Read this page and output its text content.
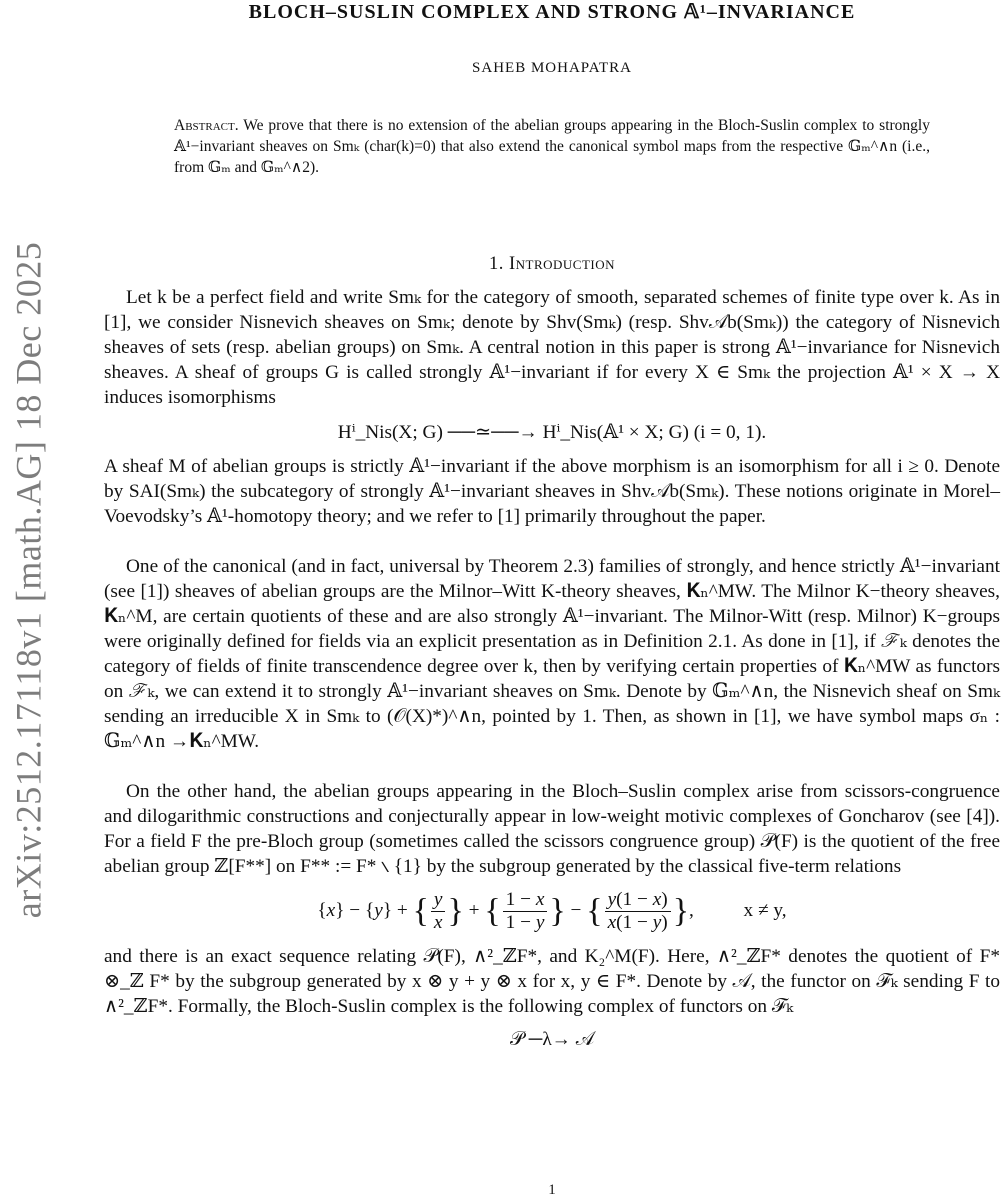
arXiv:2512.17118v1 [math.AG] 18 Dec 2025
BLOCH–SUSLIN COMPLEX AND STRONG 𝔸¹–INVARIANCE
SAHEB MOHAPATRA
Abstract. We prove that there is no extension of the abelian groups appearing in the Bloch-Suslin complex to strongly 𝔸¹−invariant sheaves on Smₖ (char(k)=0) that also extend the canonical symbol maps from the respective 𝔾ₘ^∧n (i.e., from 𝔾ₘ and 𝔾ₘ^∧2).
1. Introduction

Let k be a perfect field and write Smₖ for the category of smooth, separated schemes of finite type over k. As in [1], we consider Nisnevich sheaves on Smₖ; denote by Shv(Smₖ) (resp. Shv𝒜b(Smₖ)) the category of Nisnevich sheaves of sets (resp. abelian groups) on Smₖ. A central notion in this paper is strong 𝔸¹−invariance for Nisnevich sheaves. A sheaf of groups G is called strongly 𝔸¹−invariant if for every X ∈ Smₖ the projection 𝔸¹ × X → X induces isomorphisms

Hⁱ_Nis(X; G) ──≃──→ Hⁱ_Nis(𝔸¹ × X; G) (i = 0, 1).

A sheaf M of abelian groups is strictly 𝔸¹−invariant if the above morphism is an isomorphism for all i ≥ 0. Denote by SAI(Smₖ) the subcategory of strongly 𝔸¹−invariant sheaves in Shv𝒜b(Smₖ). These notions originate in Morel–Voevodsky’s 𝔸¹-homotopy theory; and we refer to [1] primarily throughout the paper.

One of the canonical (and in fact, universal by Theorem 2.3) families of strongly, and hence strictly 𝔸¹−invariant (see [1]) sheaves of abelian groups are the Milnor–Witt K-theory sheaves, 𝐊ₙ^MW. The Milnor K−theory sheaves, 𝐊ₙ^M, are certain quotients of these and are also strongly 𝔸¹−invariant. The Milnor-Witt (resp. Milnor) K−groups were originally defined for fields via an explicit presentation as in Definition 2.1. As done in [1], if ℱₖ denotes the category of fields of finite transcendence degree over k, then by verifying certain properties of 𝐊ₙ^MW as functors on ℱₖ, we can extend it to strongly 𝔸¹−invariant sheaves on Smₖ. Denote by 𝔾ₘ^∧n, the Nisnevich sheaf on Smₖ sending an irreducible X in Smₖ to (𝒪(X)*)^∧n, pointed by 1. Then, as shown in [1], we have symbol maps σₙ : 𝔾ₘ^∧n →𝐊ₙ^MW.

On the other hand, the abelian groups appearing in the Bloch–Suslin complex arise from scissors-congruence and dilogarithmic constructions and conjecturally appear in low-weight motivic complexes of Goncharov (see [4]). For a field F the pre-Bloch group (sometimes called the scissors congruence group) 𝒫(F) is the quotient of the free abelian group ℤ[F**] on F** := F* ∖ {1} by the subgroup generated by the classical five-term relations

{x} − {y} + { $\frac{y}{x}$ } + { $\frac{1 - x}{1 - y}$ } − { $\frac{y(1 - x)}{x(1 - y)}$ },	x ≠ y,

and there is an exact sequence relating 𝒫(F), ∧²_ℤF*, and K₂^M(F). Here, ∧²_ℤF* denotes the quotient of F* ⊗_ℤ F* by the subgroup generated by x ⊗ y + y ⊗ x for x, y ∈ F*. Denote by 𝒜, the functor on ℱₖ sending F to ∧²_ℤF*. Formally, the Bloch-Suslin complex is the following complex of functors on ℱₖ

𝒫 ─λ→ 𝒜
1
